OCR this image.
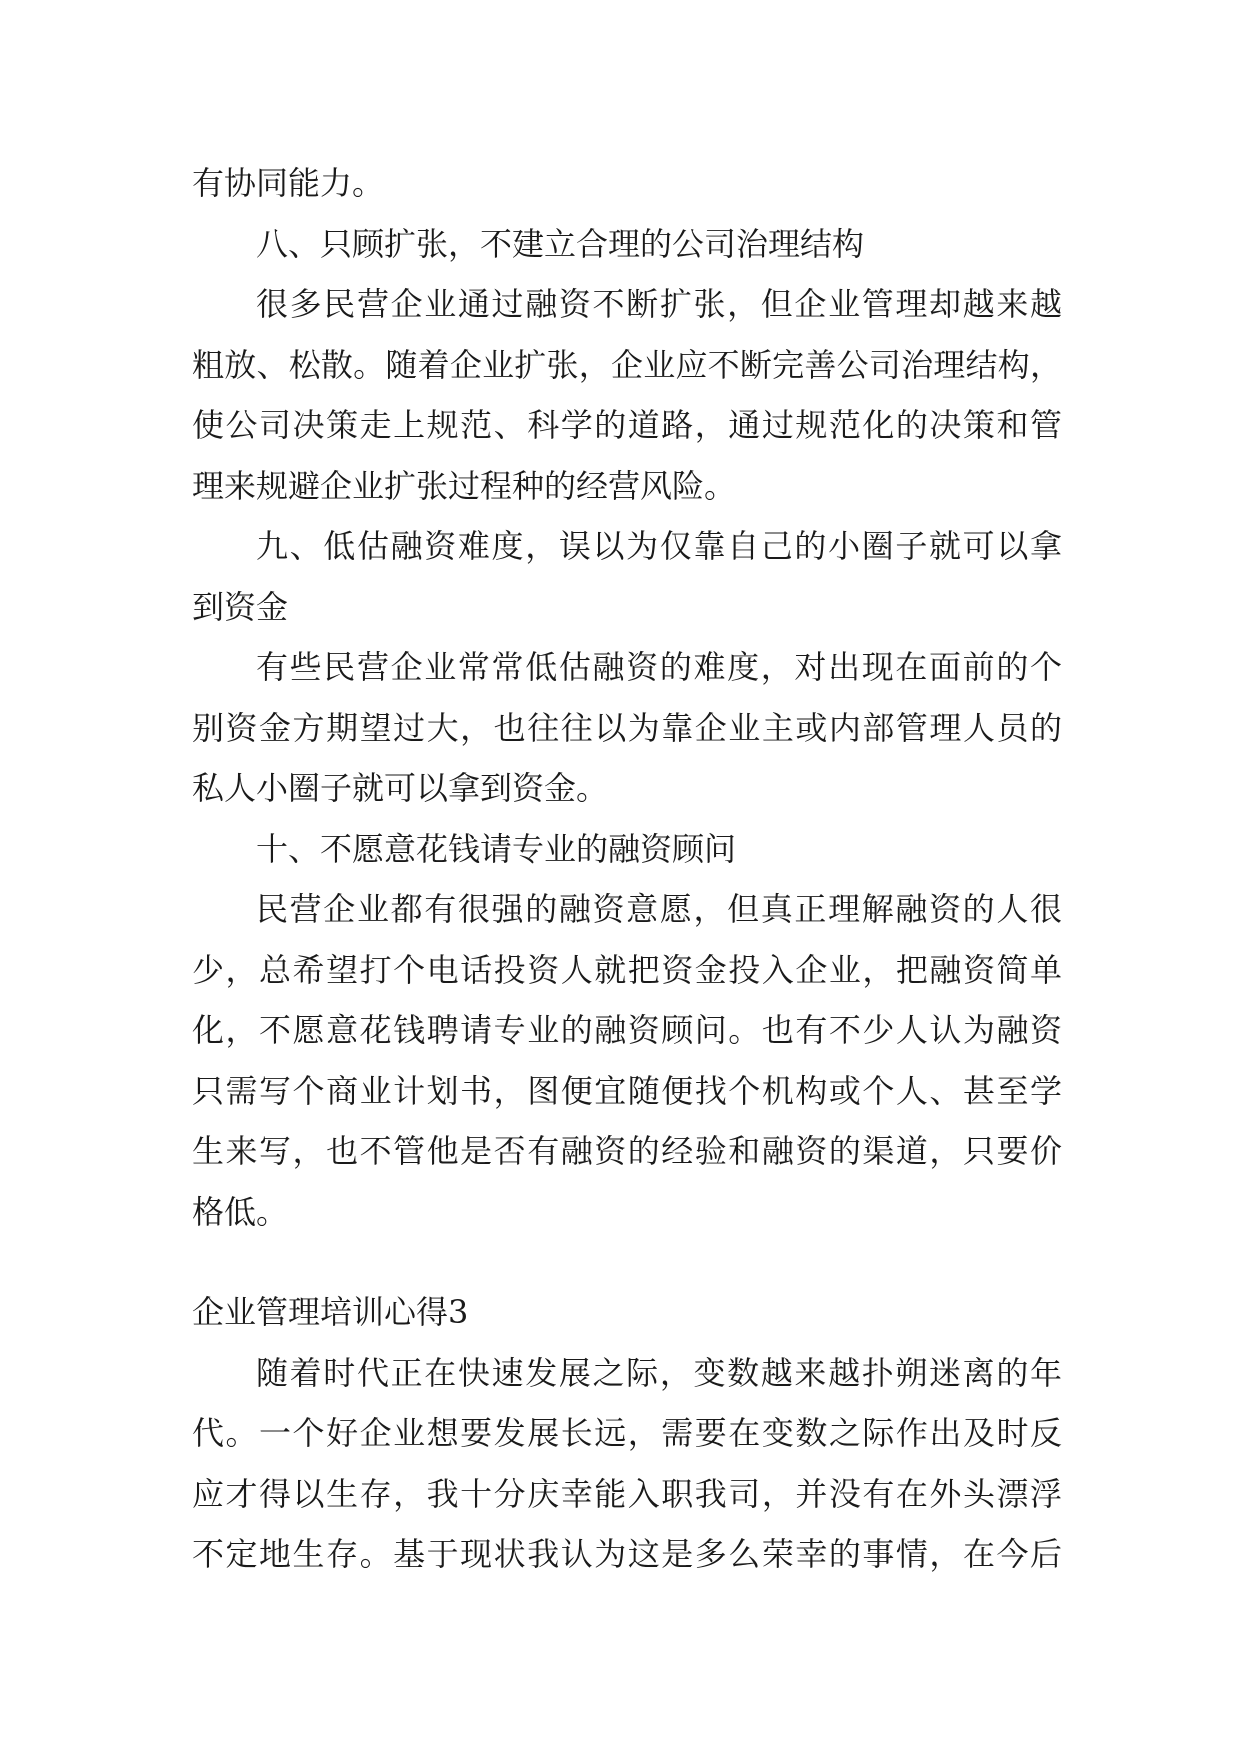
有协同能力。
八、只顾扩张，不建立合理的公司治理结构
很多民营企业通过融资不断扩张，但企业管理却越来越
粗放、松散。随着企业扩张，企业应不断完善公司治理结构，
使公司决策走上规范、科学的道路，通过规范化的决策和管
理来规避企业扩张过程种的经营风险。
九、低估融资难度，误以为仅靠自己的小圈子就可以拿
到资金
有些民营企业常常低估融资的难度，对出现在面前的个
别资金方期望过大，也往往以为靠企业主或内部管理人员的
私人小圈子就可以拿到资金。
十、不愿意花钱请专业的融资顾问
民营企业都有很强的融资意愿，但真正理解融资的人很
少，总希望打个电话投资人就把资金投入企业，把融资简单
化，不愿意花钱聘请专业的融资顾问。也有不少人认为融资
只需写个商业计划书，图便宜随便找个机构或个人、甚至学
生来写，也不管他是否有融资的经验和融资的渠道，只要价
格低。
企业管理培训心得3
随着时代正在快速发展之际，变数越来越扑朔迷离的年
代。一个好企业想要发展长远，需要在变数之际作出及时反
应才得以生存，我十分庆幸能入职我司，并没有在外头漂浮
不定地生存。基于现状我认为这是多么荣幸的事情，在今后
